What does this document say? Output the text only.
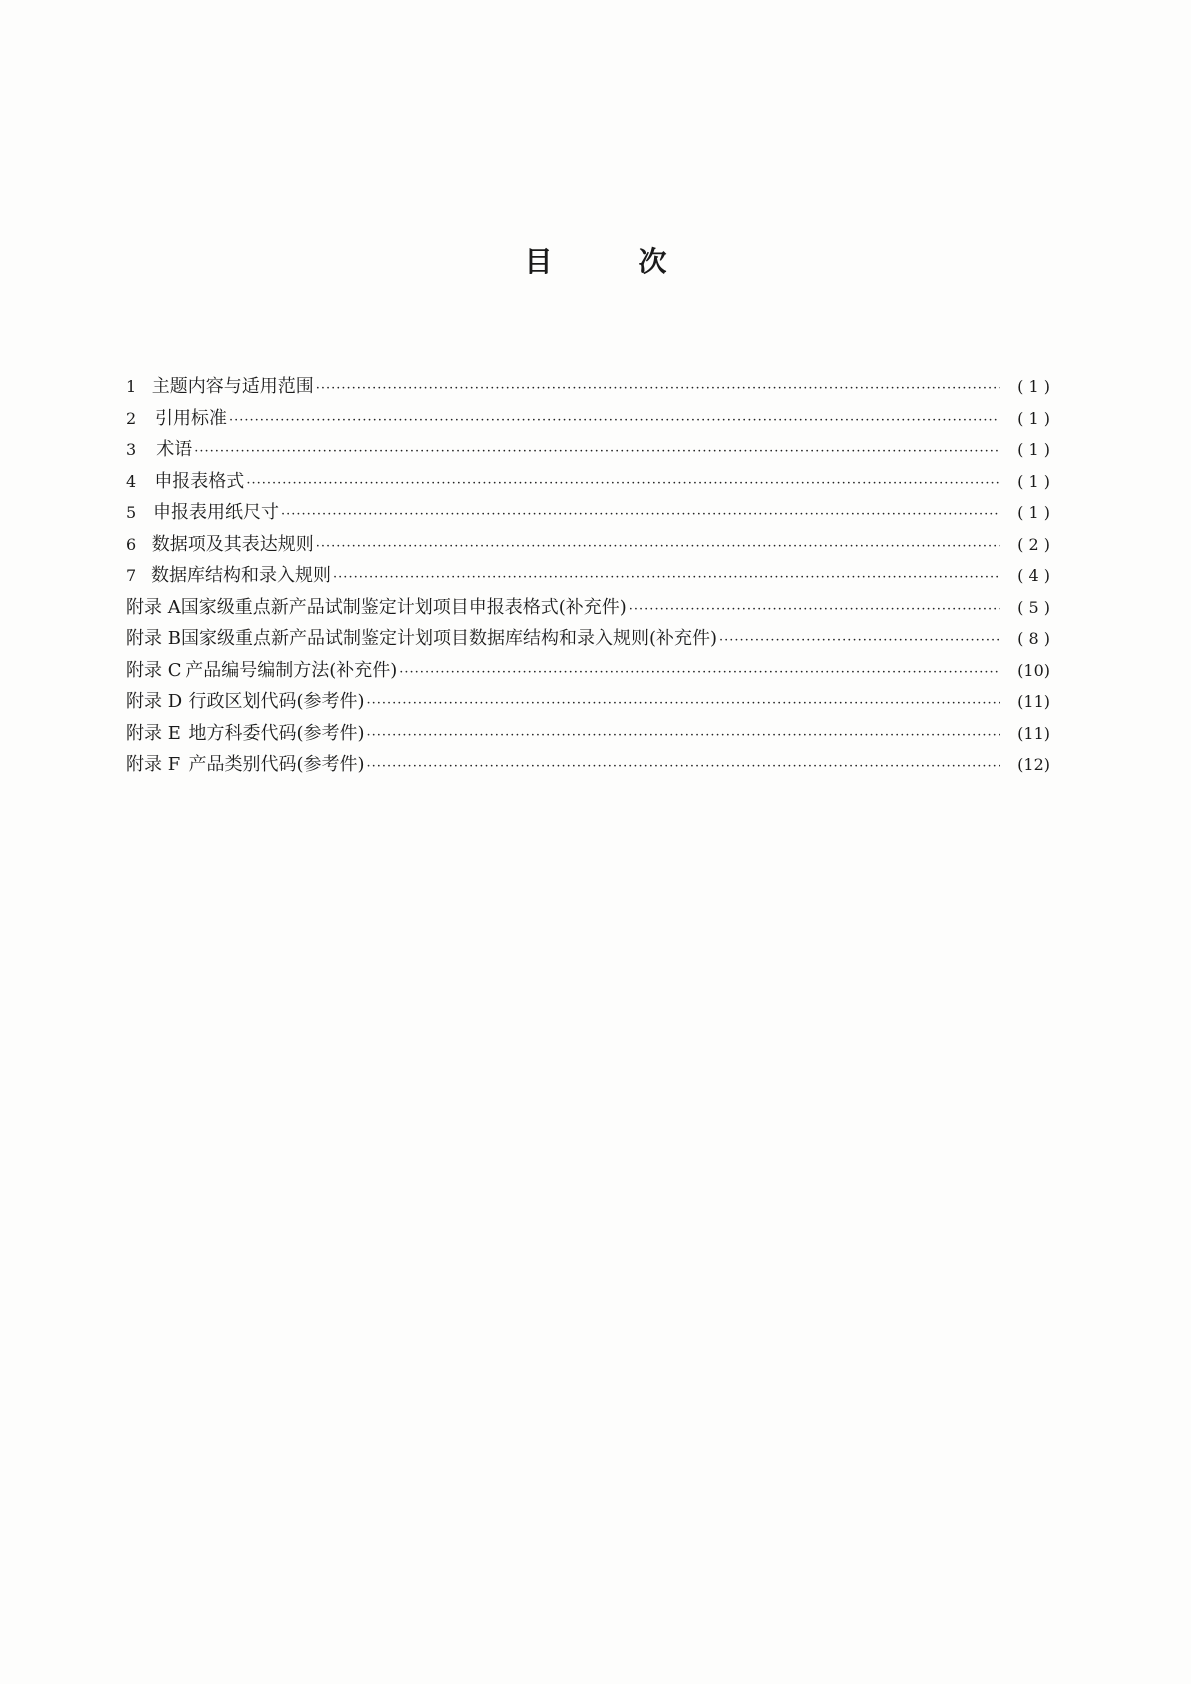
目	次
1 主题内容与适用范围 ·····	( 1 )
2	引用标准 ·····	( 1 )
3	术语 ·····	( 1 )
4	申报表格式 ·····	( 1 )
5 申报表用纸尺寸 ·····	( 1 )
6 数据项及其表达规则 ·····	( 2 )
7 数据库结构和录入规则 ·····	( 4 )
附录 A 国家级重点新产品试制鉴定计划项目申报表格式(补充件) ·····	( 5 )
附录 B 国家级重点新产品试制鉴定计划项目数据库结构和录入规则(补充件) ·····	( 8 )
附录 C 产品编号编制方法(补充件) ·····	(10)
附录 D 行政区划代码(参考件) ·····	(11)
附录 E 地方科委代码(参考件) ·····	(11)
附录 F 产品类别代码(参考件) ·····	(12)
